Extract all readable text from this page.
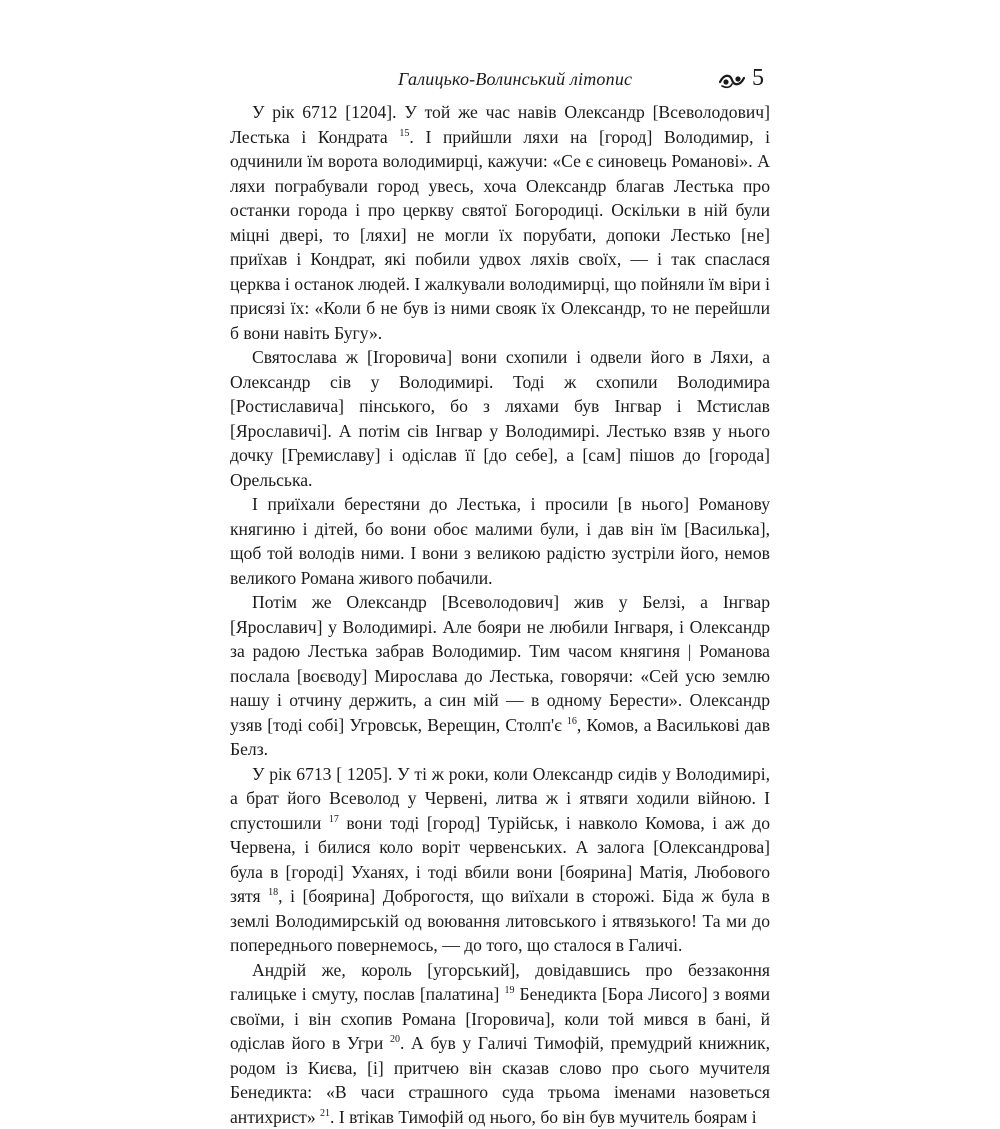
Галицько-Волинський літопис	5

У рік 6712 [1204]. У той же час навів Олександр [Всеволодович] Лестька і Кондрата $^{15}$. І прийшли ляхи на [город] Володимир, і одчинили їм ворота володимирці, кажучи: «Се є синовець Романові». А ляхи пограбували город увесь, хоча Олександр благав Лестька про останки города і про церкву святої Богородиці. Оскільки в ній були міцні двері, то [ляхи] не могли їх порубати, допоки Лестько [не] приїхав і Кондрат, які побили удвох ляхів своїх, — і так спаслася церква і останок людей. І жалкували володимирці, що пойняли їм віри і присязі їх: «Коли б не був із ними свояк їх Олександр, то не перейшли б вони навіть Бугу».

Святослава ж [Ігоровича] вони схопили і одвели його в Ляхи, а Олександр сів у Володимирі. Тоді ж схопили Володимира [Ростиславича] пінського, бо з ляхами був Інгвар і Мстислав [Ярославичі]. А потім сів Інгвар у Володимирі. Лестько взяв у нього дочку [Гремиславу] і одіслав її [до себе], а [сам] пішов до [города] Орельська.

І приїхали берестяни до Лестька, і просили [в нього] Романову княгиню і дітей, бо вони обоє малими були, і дав він їм [Василька], щоб той володів ними. І вони з великою радістю зустріли його, немов великого Романа живого побачили.

Потім же Олександр [Всеволодович] жив у Белзі, а Інгвар [Ярославич] у Володимирі. Але бояри не любили Інгваря, і Олександр за радою Лестька забрав Володимир. Тим часом княгиня | Романова послала [воєводу] Мирослава до Лестька, говорячи: «Сей усю землю нашу і отчину держить, а син мій — в одному Берести». Олександр узяв [тоді собі] Угровськ, Верещин, Столп'є $^{16}$, Комов, а Василькові дав Белз.

У рік 6713 [ 1205]. У ті ж роки, коли Олександр сидів у Володимирі, а брат його Всеволод у Червені, литва ж і ятвяги ходили війною. І спустошили $^{17}$ вони тоді [город] Турійськ, і навколо Комова, і аж до Червена, і билися коло воріт червенських. А залога [Олександрова] була в [городі] Уханях, і тоді вбили вони [боярина] Матія, Любового зятя $^{18}$, і [боярина] Доброгостя, що виїхали в сторожі. Біда ж була в землі Володимирській од воювання литовського і ятвязького! Та ми до попереднього повернемось, — до того, що сталося в Галичі.

Андрій же, король [угорський], довідавшись про беззаконня галицьке і смуту, послав [палатина] $^{19}$ Бенедикта [Бора Лисого] з воями своїми, і він схопив Романа [Ігоровича], коли той мився в бані, й одіслав його в Угри $^{20}$. А був у Галичі Тимофій, премудрий книжник, родом із Києва, [і] притчею він сказав слово про сього мучителя Бенедикта: «В часи страшного суда трьома іменами назоветься антихрист» $^{21}$. І втікав Тимофій од нього, бо він був мучитель боярам і
